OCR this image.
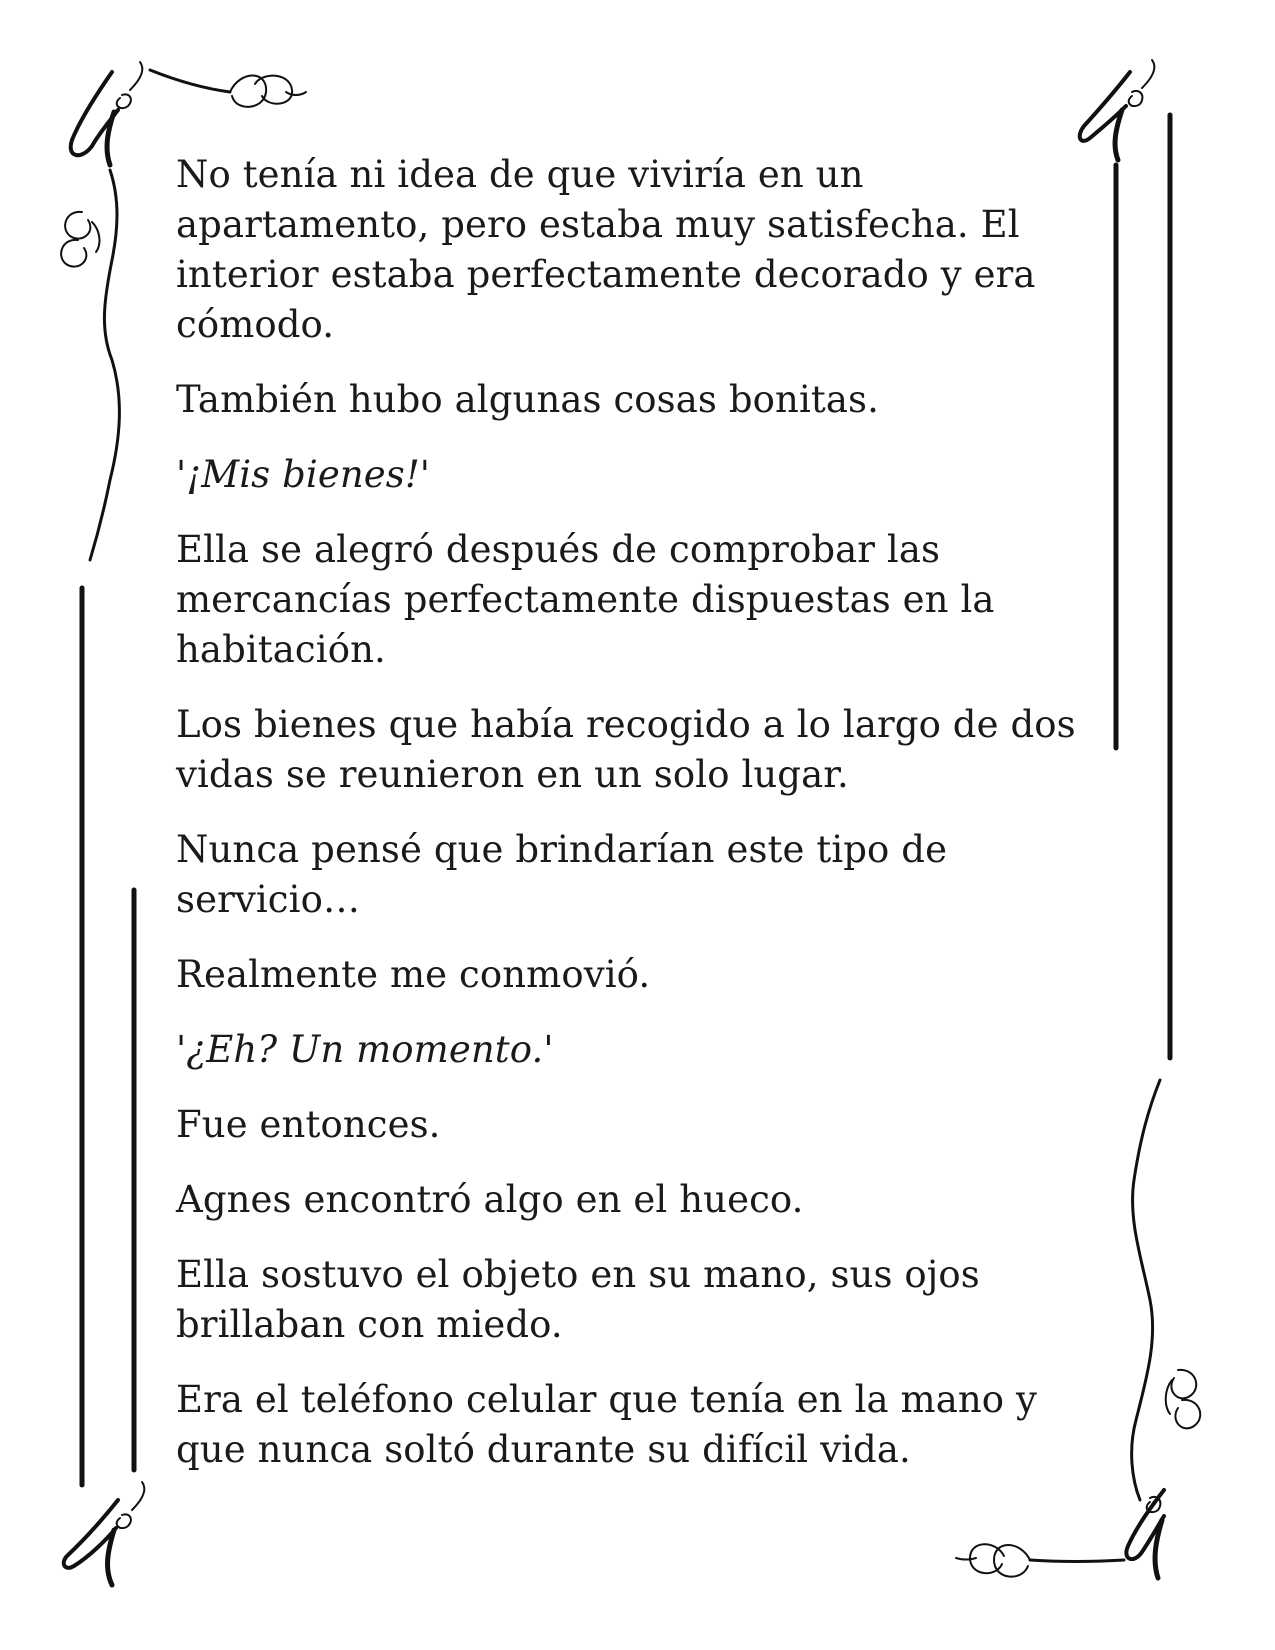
No tenía ni idea de que viviría en un apartamento, pero estaba muy satisfecha. El interior estaba perfectamente decorado y era cómodo.

También hubo algunas cosas bonitas.

'¡Mis bienes!'

Ella se alegró después de comprobar las mercancías perfectamente dispuestas en la habitación.

Los bienes que había recogido a lo largo de dos vidas se reunieron en un solo lugar.

Nunca pensé que brindarían este tipo de servicio…

Realmente me conmovió.

'¿Eh? Un momento.'

Fue entonces.

Agnes encontró algo en el hueco.

Ella sostuvo el objeto en su mano, sus ojos brillaban con miedo.

Era el teléfono celular que tenía en la mano y que nunca soltó durante su difícil vida.
